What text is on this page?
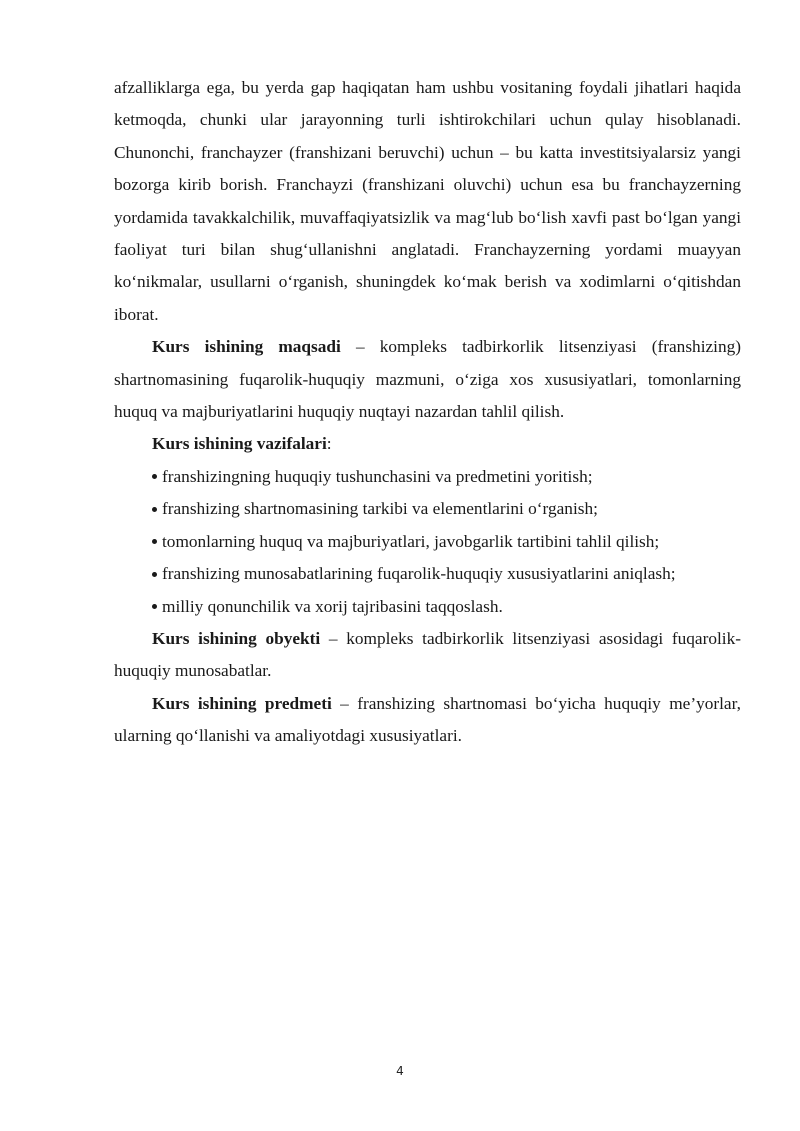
afzalliklarga ega, bu yerda gap haqiqatan ham ushbu vositaning foydali jihatlari haqida ketmoqda, chunki ular jarayonning turli ishtirokchilari uchun qulay hisoblanadi. Chunonchi, franchayzer (franshizani beruvchi) uchun – bu katta investitsiyalarsiz yangi bozorga kirib borish. Franchayzi (franshizani oluvchi) uchun esa bu franchayzerning yordamida tavakkalchilik, muvaffaqiyatsizlik va mag‘lub bo‘lish xavfi past bo‘lgan yangi faoliyat turi bilan shug‘ullanishni anglatadi. Franchayzerning yordami muayyan ko‘nikmalar, usullarni o‘rganish, shuningdek ko‘mak berish va xodimlarni o‘qitishdan iborat.

Kurs ishining maqsadi – kompleks tadbirkorlik litsenziyasi (franshizing) shartnomasining fuqarolik-huquqiy mazmuni, o‘ziga xos xususiyatlari, tomonlarning huquq va majburiyatlarini huquqiy nuqtayi nazardan tahlil qilish.

Kurs ishining vazifalari:

franshizingning huquqiy tushunchasini va predmetini yoritish;
franshizing shartnomasining tarkibi va elementlarini o‘rganish;
tomonlarning huquq va majburiyatlari, javobgarlik tartibini tahlil qilish;
franshizing munosabatlarining fuqarolik-huquqiy xususiyatlarini aniqlash;
milliy qonunchilik va xorij tajribasini taqqoslash.

Kurs ishining obyekti – kompleks tadbirkorlik litsenziyasi asosidagi fuqarolik-huquqiy munosabatlar.

Kurs ishining predmeti – franshizing shartnomasi bo‘yicha huquqiy me’yorlar, ularning qo‘llanishi va amaliyotdagi xususiyatlari.

4
